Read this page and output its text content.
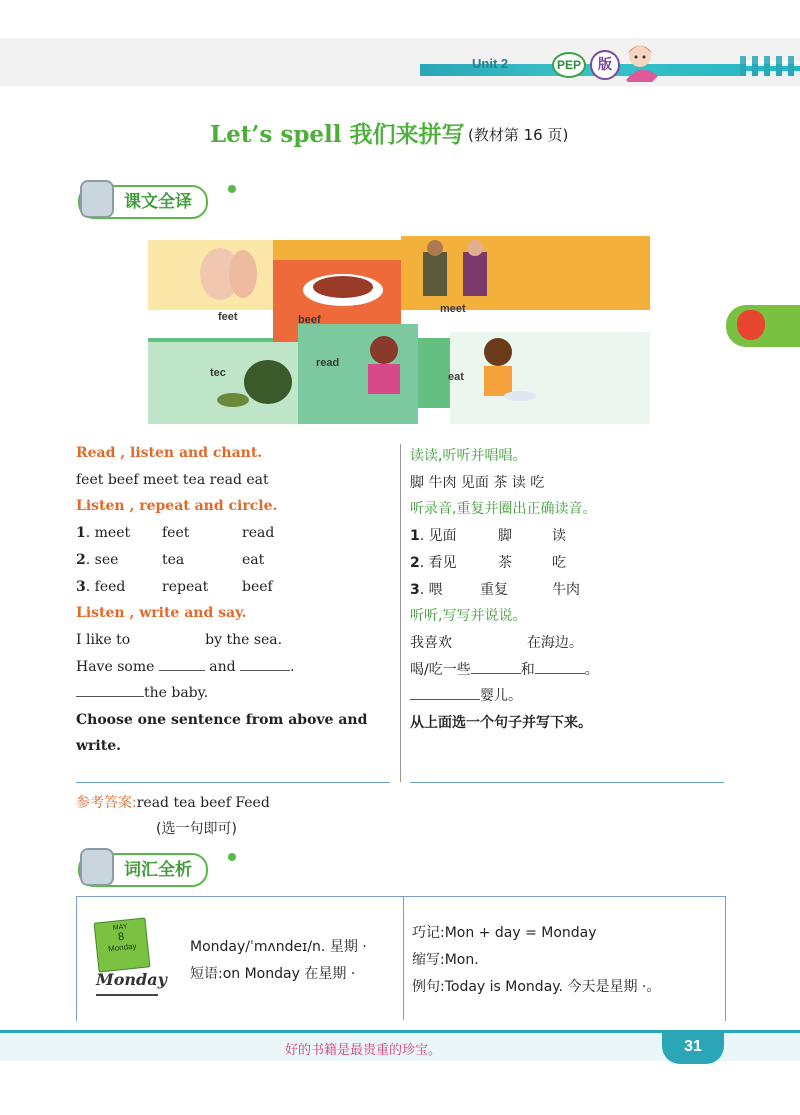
Unit 2	PEP	版
Let’s spell 我们来拼写 (教材第 16 页)
课文全译
feet	beef
meet
tec
read
eat
Read , listen and chant.
feet beef meet tea read eat
Listen , repeat and circle.
1. meet feet	read
2. see	tea	eat
3. feed	repeat beef
Listen , write and say.
I like to	by the sea.
Have some	and	.
the baby.
Choose one sentence from above and
write.
读读,听听并唱唱。
脚 牛肉 见面 茶 读 吃
听录音,重复并圈出正确读音。
1. 见面	脚	读
2. 看见	茶	吃
3. 喂	重复	牛肉
听听,写写并说说。
我喜欢	在海边。
喝/吃一些	和	。
婴儿。
从上面选一个句子并写下来。
参考答案:read tea beef Feed
(选一句即可)
词汇全析
MAY
8
Monday
Monday
Monday/ˈmʌndeɪ/n. 星期 ·
短语:on Monday 在星期 ·
巧记:Mon + day = Monday
缩写:Mon.
例句:Today is Monday. 今天是星期 ·。
好的书籍是最贵重的珍宝。	31
